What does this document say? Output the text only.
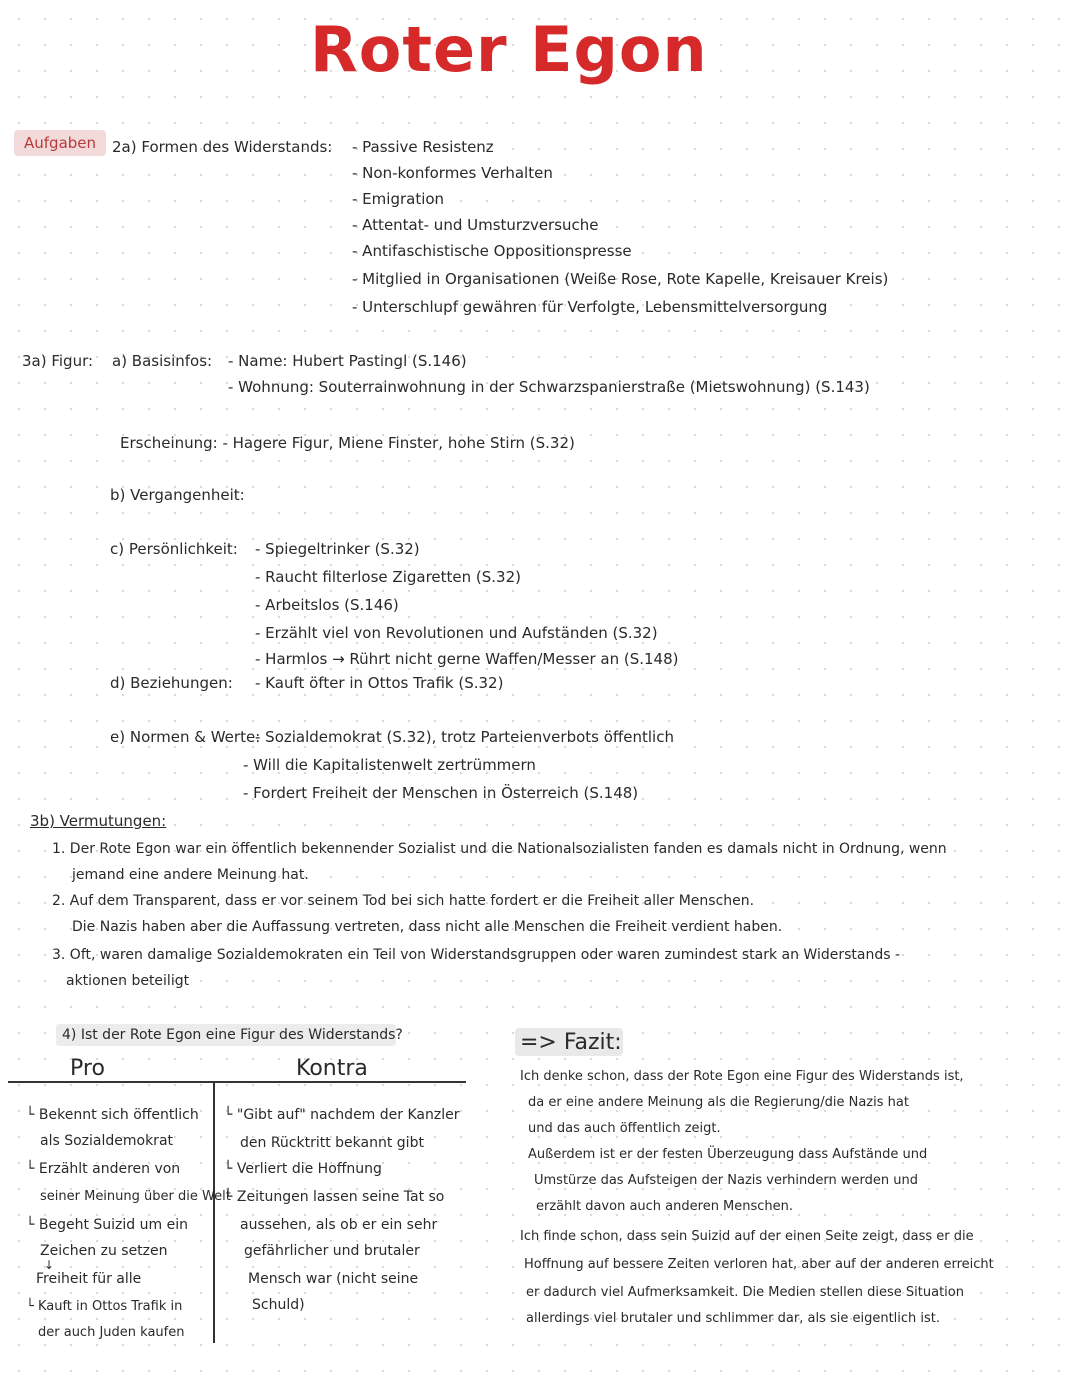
Roter Egon
Aufgaben	2a) Formen des Widerstands: - Passive Resistenz
- Non-konformes Verhalten
- Emigration
- Attentat- und Umsturzversuche
- Antifaschistische Oppositionspresse
- Mitglied in Organisationen (Weiße Rose, Rote Kapelle, Kreisauer Kreis)
- Unterschlupf gewähren für Verfolgte, Lebensmittelversorgung
3a) Figur: a) Basisinfos: - Name: Hubert Pastingl (S.146)
- Wohnung: Souterrainwohnung in der Schwarzspanierstraße (Mietswohnung) (S.143)
Erscheinung: - Hagere Figur, Miene Finster, hohe Stirn (S.32)
b) Vergangenheit:
c) Persönlichkeit: - Spiegeltrinker (S.32)
- Raucht filterlose Zigaretten (S.32)
- Arbeitslos (S.146)
- Erzählt viel von Revolutionen und Aufständen (S.32)
- Harmlos → Rührt nicht gerne Waffen/Messer an (S.148)
d) Beziehungen: - Kauft öfter in Ottos Trafik (S.32)
e) Normen & Werte:
- Sozialdemokrat (S.32), trotz Parteienverbots öffentlich
- Will die Kapitalistenwelt zertrümmern
- Fordert Freiheit der Menschen in Österreich (S.148)
3b) Vermutungen:
1. Der Rote Egon war ein öffentlich bekennender Sozialist und die Nationalsozialisten fanden es damals nicht in Ordnung, wenn
jemand eine andere Meinung hat.
2. Auf dem Transparent, dass er vor seinem Tod bei sich hatte fordert er die Freiheit aller Menschen.
Die Nazis haben aber die Auffassung vertreten, dass nicht alle Menschen die Freiheit verdient haben.
3. Oft, waren damalige Sozialdemokraten ein Teil von Widerstandsgruppen oder waren zumindest stark an Widerstands -
aktionen beteiligt
4) Ist der Rote Egon eine Figur des Widerstands?
Pro	Kontra
└ Bekennt sich öffentlich
als Sozialdemokrat
└ Erzählt anderen von
seiner Meinung über die Welt
└ Begeht Suizid um ein
Zeichen zu setzen
↓
Freiheit für alle
└ Kauft in Ottos Trafik in
der auch Juden kaufen
└ "Gibt auf" nachdem der Kanzler
den Rücktritt bekannt gibt
└ Verliert die Hoffnung
└ Zeitungen lassen seine Tat so
aussehen, als ob er ein sehr
gefährlicher und brutaler
Mensch war (nicht seine
Schuld)
=> Fazit:
Ich denke schon, dass der Rote Egon eine Figur des Widerstands ist,
da er eine andere Meinung als die Regierung/die Nazis hat
und das auch öffentlich zeigt.
Außerdem ist er der festen Überzeugung dass Aufstände und
Umstürze das Aufsteigen der Nazis verhindern werden und
erzählt davon auch anderen Menschen.
Ich finde schon, dass sein Suizid auf der einen Seite zeigt, dass er die
Hoffnung auf bessere Zeiten verloren hat, aber auf der anderen erreicht
er dadurch viel Aufmerksamkeit. Die Medien stellen diese Situation
allerdings viel brutaler und schlimmer dar, als sie eigentlich ist.
